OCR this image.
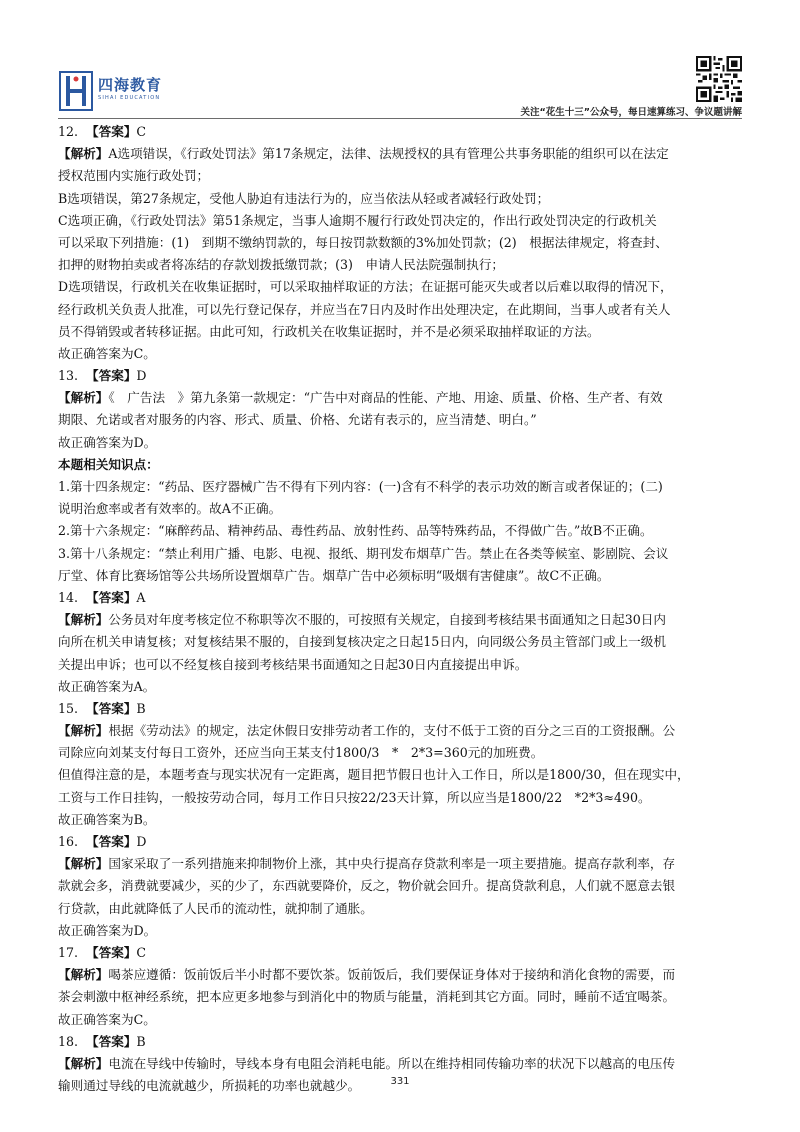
四海教育
SIHAI EDUCATION
关注“花生十三”公众号，每日速算练习、争议题讲解
12. 【答案】C
【解析】A选项错误，《行政处罚法》第17条规定，法律、法规授权的具有管理公共事务职能的组织可以在法定
授权范围内实施行政处罚；
B选项错误，第27条规定，受他人胁迫有违法行为的，应当依法从轻或者减轻行政处罚；
C选项正确，《行政处罚法》第51条规定，当事人逾期不履行行政处罚决定的，作出行政处罚决定的行政机关
可以采取下列措施：(1)　到期不缴纳罚款的，每日按罚款数额的3%加处罚款；(2)　根据法律规定，将查封、
扣押的财物拍卖或者将冻结的存款划拨抵缴罚款；(3)　申请人民法院强制执行；
D选项错误，行政机关在收集证据时，可以采取抽样取证的方法；在证据可能灭失或者以后难以取得的情况下，
经行政机关负责人批准，可以先行登记保存，并应当在7日内及时作出处理决定，在此期间，当事人或者有关人
员不得销毁或者转移证据。由此可知，行政机关在收集证据时，并不是必须采取抽样取证的方法。
故正确答案为C。
13. 【答案】D
【解析】《　广告法　》第九条第一款规定：“广告中对商品的性能、产地、用途、质量、价格、生产者、有效
期限、允诺或者对服务的内容、形式、质量、价格、允诺有表示的，应当清楚、明白。”
故正确答案为D。
本题相关知识点：
1.第十四条规定：“药品、医疗器械广告不得有下列内容：(一)含有不科学的表示功效的断言或者保证的；(二)
说明治愈率或者有效率的。故A不正确。
2.第十六条规定：“麻醉药品、精神药品、毒性药品、放射性药、品等特殊药品，不得做广告。”故B不正确。
3.第十八条规定：“禁止利用广播、电影、电视、报纸、期刊发布烟草广告。禁止在各类等候室、影剧院、会议
厅堂、体育比赛场馆等公共场所设置烟草广告。烟草广告中必须标明“吸烟有害健康”。故C不正确。
14. 【答案】A
【解析】公务员对年度考核定位不称职等次不服的，可按照有关规定，自接到考核结果书面通知之日起30日内
向所在机关申请复核；对复核结果不服的，自接到复核决定之日起15日内，向同级公务员主管部门或上一级机
关提出申诉；也可以不经复核自接到考核结果书面通知之日起30日内直接提出申诉。
故正确答案为A。
15. 【答案】B
【解析】根据《劳动法》的规定，法定休假日安排劳动者工作的，支付不低于工资的百分之三百的工资报酬。公
司除应向刘某支付每日工资外，还应当向王某支付1800/3　*　2*3=360元的加班费。
但值得注意的是，本题考查与现实状况有一定距离，题目把节假日也计入工作日，所以是1800/30，但在现实中，
工资与工作日挂钩，一般按劳动合同，每月工作日只按22/23天计算，所以应当是1800/22　*2*3≈490。
故正确答案为B。
16. 【答案】D
【解析】国家采取了一系列措施来抑制物价上涨，其中央行提高存贷款利率是一项主要措施。提高存款利率，存
款就会多，消费就要减少，买的少了，东西就要降价，反之，物价就会回升。提高贷款利息，人们就不愿意去银
行贷款，由此就降低了人民币的流动性，就抑制了通胀。
故正确答案为D。
17. 【答案】C
【解析】喝茶应遵循：饭前饭后半小时都不要饮茶。饭前饭后，我们要保证身体对于接纳和消化食物的需要，而
茶会刺激中枢神经系统，把本应更多地参与到消化中的物质与能量，消耗到其它方面。同时，睡前不适宜喝茶。
故正确答案为C。
18. 【答案】B
【解析】电流在导线中传输时，导线本身有电阻会消耗电能。所以在维持相同传输功率的状况下以越高的电压传
输则通过导线的电流就越少，所损耗的功率也就越少。	331
